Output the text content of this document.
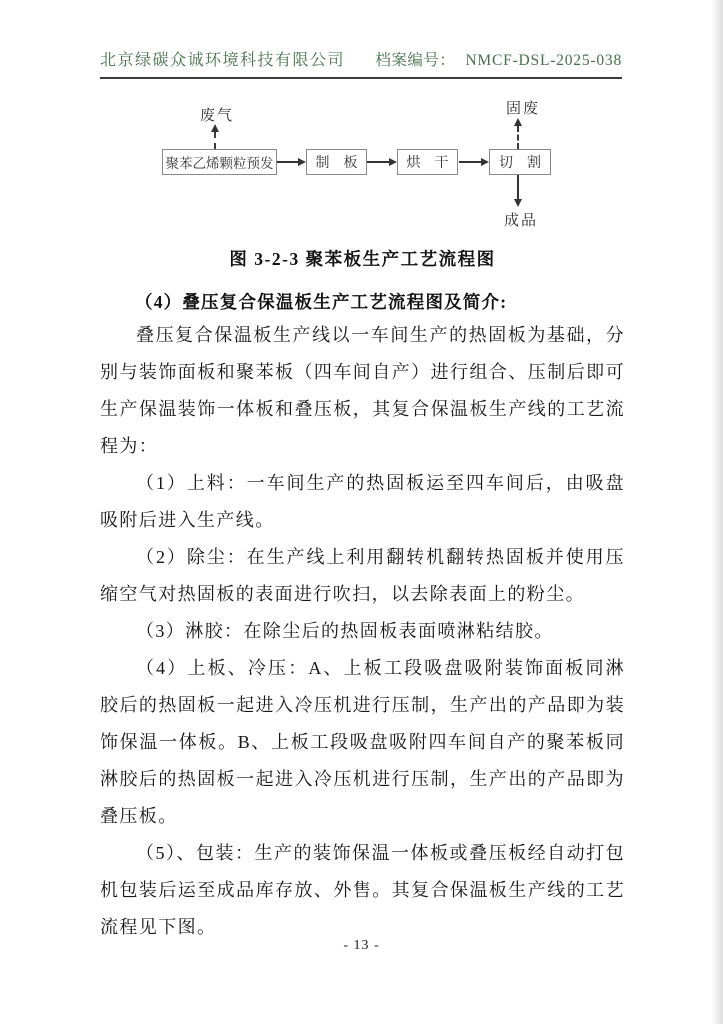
北京绿碳众诚环境科技有限公司 档案编号： NMCF-DSL-2025-038
废气
聚苯乙烯颗粒预发	制　板	烘　干	切　割
固废
成品
图 3-2-3 聚苯板生产工艺流程图
（4）叠压复合保温板生产工艺流程图及简介:

叠压复合保温板生产线以一车间生产的热固板为基础，分别与装饰面板和聚苯板（四车间自产）进行组合、压制后即可生产保温装饰一体板和叠压板，其复合保温板生产线的工艺流程为：

（1）上料：一车间生产的热固板运至四车间后，由吸盘吸附后进入生产线。

（2）除尘：在生产线上利用翻转机翻转热固板并使用压缩空气对热固板的表面进行吹扫，以去除表面上的粉尘。

（3）淋胶：在除尘后的热固板表面喷淋粘结胶。

（4）上板、冷压：A、上板工段吸盘吸附装饰面板同淋胶后的热固板一起进入冷压机进行压制，生产出的产品即为装饰保温一体板。B、上板工段吸盘吸附四车间自产的聚苯板同淋胶后的热固板一起进入冷压机进行压制，生产出的产品即为叠压板。

（5）、包装：生产的装饰保温一体板或叠压板经自动打包机包装后运至成品库存放、外售。其复合保温板生产线的工艺流程见下图。

- 13 -
